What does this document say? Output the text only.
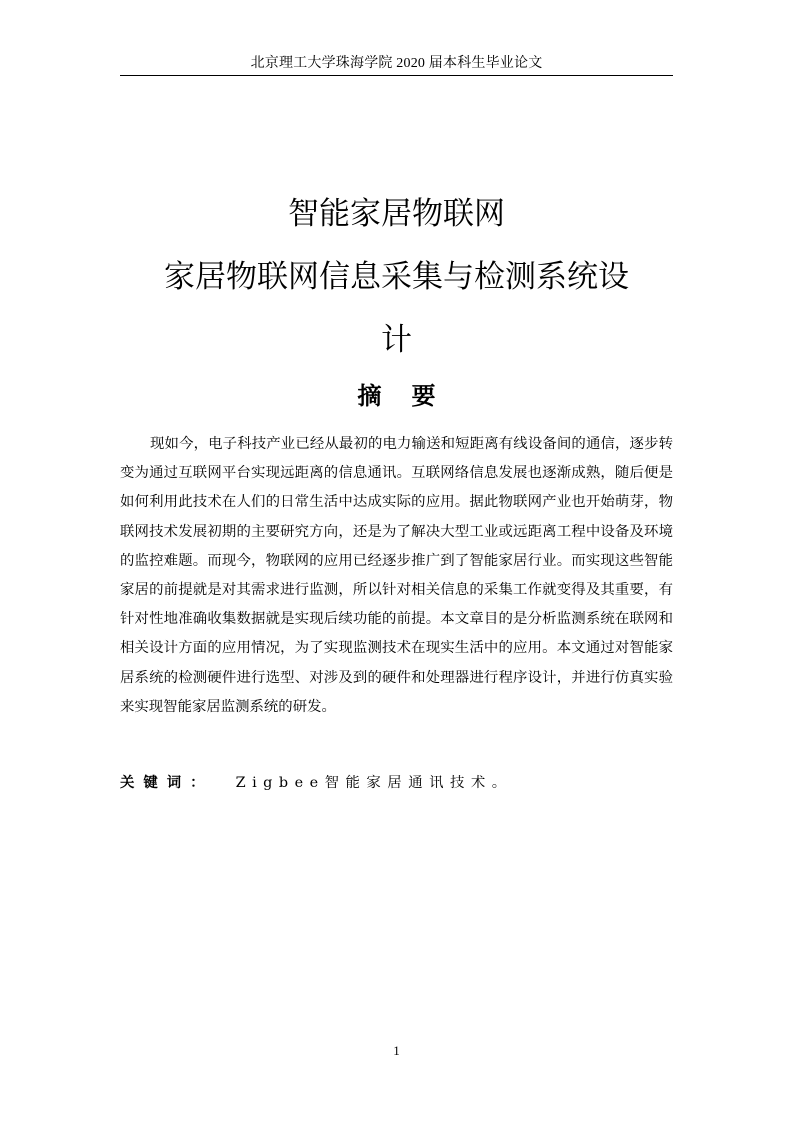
北京理工大学珠海学院 2020 届本科生毕业论文
智能家居物联网
家居物联网信息采集与检测系统设
计
摘要

现如今，电子科技产业已经从最初的电力输送和短距离有线设备间的通信，逐步转变为通过互联网平台实现远距离的信息通讯。互联网络信息发展也逐渐成熟，随后便是如何利用此技术在人们的日常生活中达成实际的应用。据此物联网产业也开始萌芽，物联网技术发展初期的主要研究方向，还是为了解决大型工业或远距离工程中设备及环境的监控难题。而现今，物联网的应用已经逐步推广到了智能家居行业。而实现这些智能家居的前提就是对其需求进行监测，所以针对相关信息的采集工作就变得及其重要，有针对性地准确收集数据就是实现后续功能的前提。本文章目的是分析监测系统在联网和相关设计方面的应用情况，为了实现监测技术在现实生活中的应用。本文通过对智能家居系统的检测硬件进行选型、对涉及到的硬件和处理器进行程序设计，并进行仿真实验来实现智能家居监测系统的研发。

关键词： Zigbee智能家居通讯技术。
1
